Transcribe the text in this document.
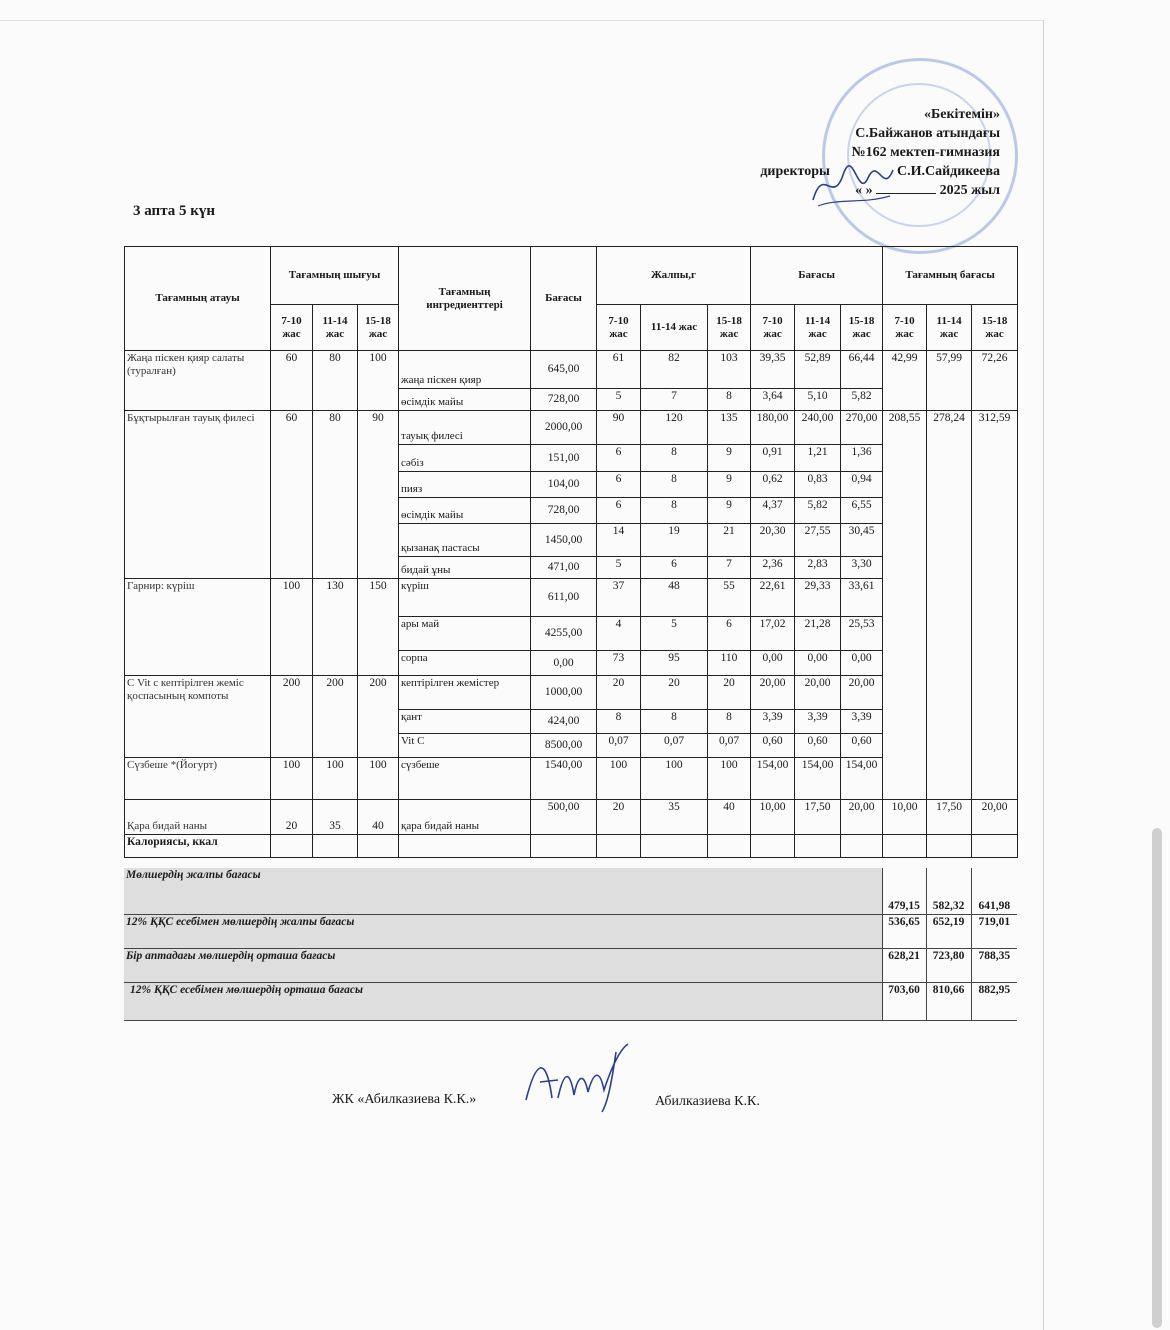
«Бекітемін»
С.Байжанов атындағы
№162 мектеп-гимназия
директоры	С.И.Сайдикеева
« »	2025 жыл
3 апта 5 күн
Тағамның атауы	Тағамның шығуы			Тағамның ингредиенттері	Бағасы	Жалпы,г			Бағасы			Тағамның бағасы			
	7-10 жас	11-14 жас	15-18 жас			7-10 жас	11-14 жас	15-18 жас	7-10 жас	11-14 жас	15-18 жас	7-10 жас	11-14 жас	15-18 жас	
Жаңа піскен қияр салаты (туралған)	60	80	100	жаңа піскен қияр	645,00	61	82	103	39,35	52,89	66,44	42,99	57,99	72,26	
				өсімдік майы	728,00	5	7	8	3,64	5,10	5,82				
Бұқтырылған тауық филесі	60	80	90	тауық филесі	2000,00	90	120	135	180,00	240,00	270,00	208,55	278,24	312,59	
				сәбіз	151,00	6	8	9	0,91	1,21	1,36				
				пияз	104,00	6	8	9	0,62	0,83	0,94				
				өсімдік майы	728,00	6	8	9	4,37	5,82	6,55				
				қызанақ пастасы	1450,00	14	19	21	20,30	27,55	30,45				
				бидай ұны	471,00	5	6	7	2,36	2,83	3,30				
Гарнир: күріш	100	130	150	күріш	611,00	37	48	55	22,61	29,33	33,61				
				ары май	4255,00	4	5	6	17,02	21,28	25,53				
				сорпа	0,00	73	95	110	0,00	0,00	0,00				
С Vit с кептірілген жеміс қоспасының компоты	200	200	200	кептірілген жемістер	1000,00	20	20	20	20,00	20,00	20,00				
				қант	424,00	8	8	8	3,39	3,39	3,39				
				Vit C	8500,00	0,07	0,07	0,07	0,60	0,60	0,60				
Сүзбеше *(Йогурт)	100	100	100	сүзбеше	1540,00	100	100	100	154,00	154,00	154,00			
Қара бидай наны	20	35	40	қара бидай наны	500,00	20	35	40	10,00	17,50	20,00	10,00	17,50	20,00	
Калориясы, ккал															
Мөлшердің жалпы бағасы	479,15	582,32	641,98
12% ҚҚС есебімен мөлшердің жалпы бағасы	536,65	652,19	719,01
Бір аптадағы мөлшердің орташа бағасы	628,21	723,80	788,35
12% ҚҚС есебімен мөлшердің орташа бағасы	703,60	810,66	882,95
ЖК «Абилказиева К.К.»	Абилказиева К.К.
